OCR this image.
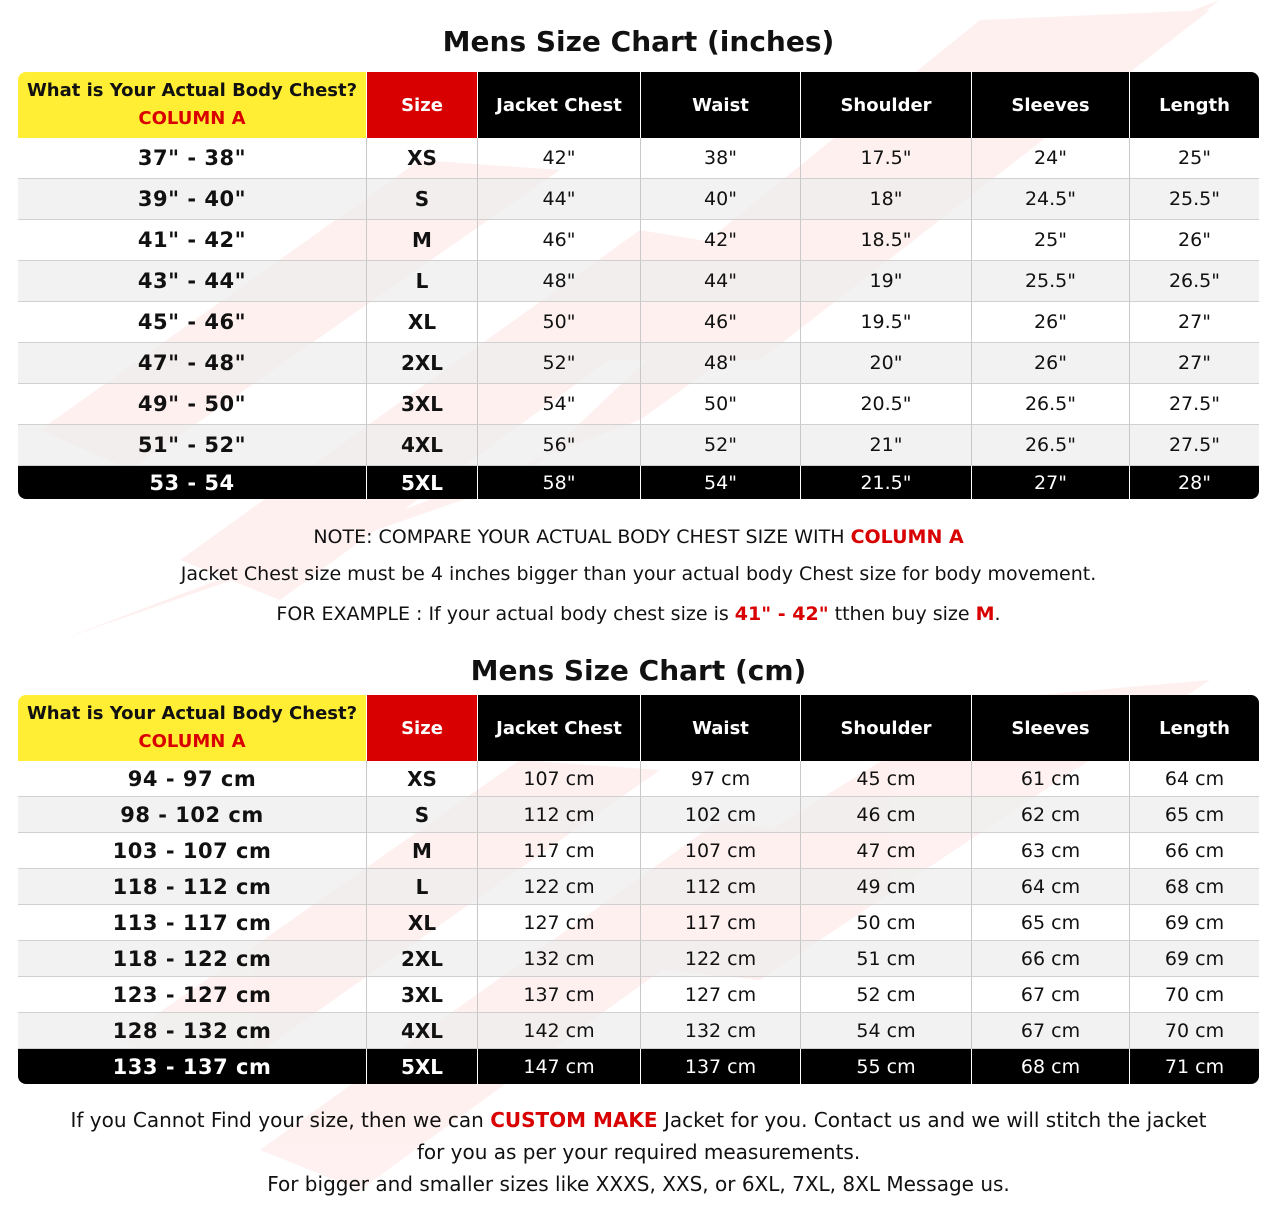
Mens Size Chart (inches)
What is Your Actual Body Chest?
COLUMN A
Size	Jacket Chest	Waist	Shoulder	Sleeves	Length
37" - 38"	XS	42"	38"	17.5"	24"	25"
39" - 40"	S	44"	40"	18"	24.5"	25.5"
41" - 42"	M	46"	42"	18.5"	25"	26"
43" - 44"	L	48"	44"	19"	25.5"	26.5"
45" - 46"	XL	50"	46"	19.5"	26"	27"
47" - 48"	2XL	52"	48"	20"	26"	27"
49" - 50"	3XL	54"	50"	20.5"	26.5"	27.5"
51" - 52"	4XL	56"	52"	21"	26.5"	27.5"
53 - 54	5XL	58"	54"	21.5"	27"	28"
NOTE: COMPARE YOUR ACTUAL BODY CHEST SIZE WITH COLUMN A
Jacket Chest size must be 4 inches bigger than your actual body Chest size for body movement.
FOR EXAMPLE : If your actual body chest size is 41" - 42" tthen buy size M.
Mens Size Chart (cm)
What is Your Actual Body Chest?
COLUMN A
Size	Jacket Chest	Waist	Shoulder	Sleeves	Length
94 - 97 cm	XS	107 cm	97 cm	45 cm	61 cm	64 cm
98 - 102 cm	S	112 cm	102 cm	46 cm	62 cm	65 cm
103 - 107 cm	M	117 cm	107 cm	47 cm	63 cm	66 cm
118 - 112 cm	L	122 cm	112 cm	49 cm	64 cm	68 cm
113 - 117 cm	XL	127 cm	117 cm	50 cm	65 cm	69 cm
118 - 122 cm	2XL	132 cm	122 cm	51 cm	66 cm	69 cm
123 - 127 cm	3XL	137 cm	127 cm	52 cm	67 cm	70 cm
128 - 132 cm	4XL	142 cm	132 cm	54 cm	67 cm	70 cm
133 - 137 cm	5XL	147 cm	137 cm	55 cm	68 cm	71 cm
If you Cannot Find your size, then we can CUSTOM MAKE Jacket for you. Contact us and we will stitch the jacket
for you as per your required measurements.
For bigger and smaller sizes like XXXS, XXS, or 6XL, 7XL, 8XL Message us.
